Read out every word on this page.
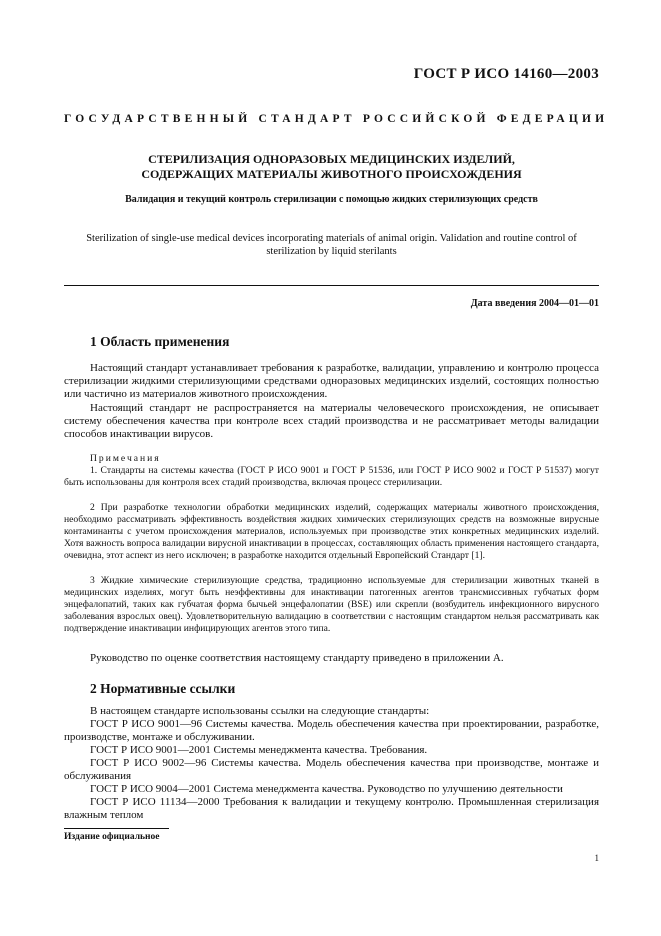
ГОСТ Р ИСО 14160—2003
ГОСУДАРСТВЕННЫЙ СТАНДАРТ РОССИЙСКОЙ ФЕДЕРАЦИИ
СТЕРИЛИЗАЦИЯ ОДНОРАЗОВЫХ МЕДИЦИНСКИХ ИЗДЕЛИЙ,
СОДЕРЖАЩИХ МАТЕРИАЛЫ ЖИВОТНОГО ПРОИСХОЖДЕНИЯ
Валидация и текущий контроль стерилизации с помощью жидких стерилизующих средств
Sterilization of single-use medical devices incorporating materials of animal origin. Validation and routine control of sterilization by liquid sterilants
Дата введения 2004—01—01
1 Область применения
Настоящий стандарт устанавливает требования к разработке, валидации, управлению и контролю процесса стерилизации жидкими стерилизующими средствами одноразовых медицинских изделий, состоящих полностью или частично из материалов животного происхождения.
Настоящий стандарт не распространяется на материалы человеческого происхождения, не описывает систему обеспечения качества при контроле всех стадий производства и не рассматривает методы валидации способов инактивации вирусов.
Примечания
1. Стандарты на системы качества (ГОСТ Р ИСО 9001 и ГОСТ Р 51536, или ГОСТ Р ИСО 9002 и ГОСТ Р 51537) могут быть использованы для контроля всех стадий производства, включая процесс стерилизации.
2 При разработке технологии обработки медицинских изделий, содержащих материалы животного происхождения, необходимо рассматривать эффективность воздействия жидких химических стерилизующих средств на возможные вирусные контаминанты с учетом происхождения материалов, используемых при производстве этих конкретных медицинских изделий. Хотя важность вопроса валидации вирусной инактивации в процессах, составляющих область применения настоящего стандарта, очевидна, этот аспект из него исключен; в разработке находится отдельный Европейский Стандарт [1].
3 Жидкие химические стерилизующие средства, традиционно используемые для стерилизации животных тканей в медицинских изделиях, могут быть неэффективны для инактивации патогенных агентов трансмиссивных губчатых форм энцефалопатий, таких как губчатая форма бычьей энцефалопатии (BSE) или скрепли (возбудитель инфекционного вирусного заболевания взрослых овец). Удовлетворительную валидацию в соответствии с настоящим стандартом нельзя рассматривать как подтверждение инактивации инфицирующих агентов этого типа.
Руководство по оценке соответствия настоящему стандарту приведено в приложении А.
2 Нормативные ссылки
В настоящем стандарте использованы ссылки на следующие стандарты:
ГОСТ Р ИСО 9001—96 Системы качества. Модель обеспечения качества при проектировании, разработке, производстве, монтаже и обслуживании.
ГОСТ Р ИСО 9001—2001 Системы менеджмента качества. Требования.
ГОСТ Р ИСО 9002—96 Системы качества. Модель обеспечения качества при производстве, монтаже и обслуживания
ГОСТ Р ИСО 9004—2001 Система менеджмента качества. Руководство по улучшению деятельности
ГОСТ Р ИСО 11134—2000 Требования к валидации и текущему контролю. Промышленная стерилизация влажным теплом
Издание официальное
1
